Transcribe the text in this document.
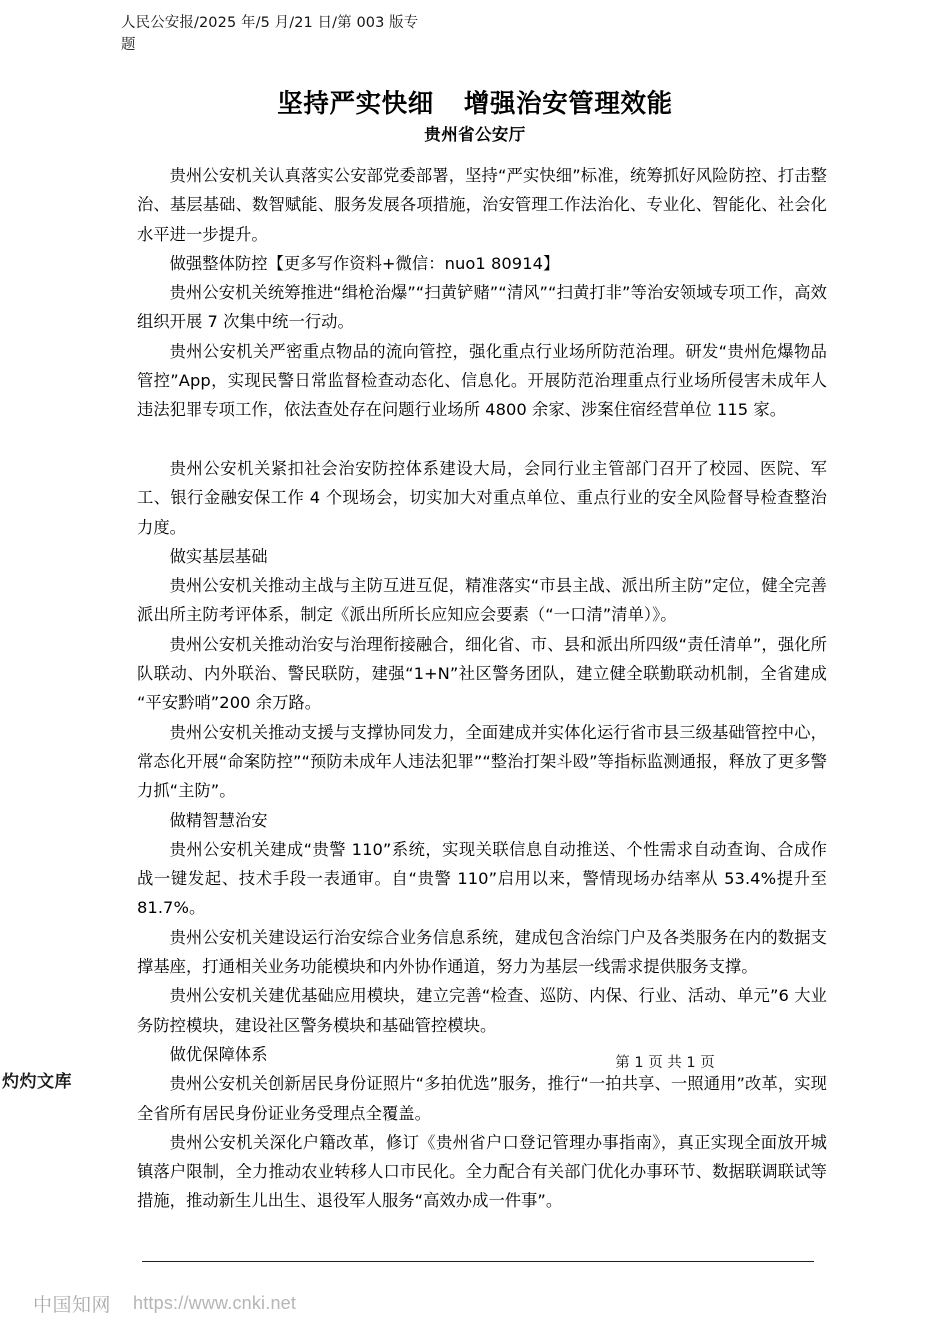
人民公安报/2025 年/5 月/21 日/第 003 版专题
坚持严实快细 增强治安管理效能
贵州省公安厅

贵州公安机关认真落实公安部党委部署，坚持“严实快细”标准，统筹抓好风险防控、打击整治、基层基础、数智赋能、服务发展各项措施，治安管理工作法治化、专业化、智能化、社会化水平进一步提升。

做强整体防控【更多写作资料+微信：nuo1 80914】

贵州公安机关统筹推进“缉枪治爆”“扫黄铲赌”“清风”“扫黄打非”等治安领域专项工作，高效组织开展 7 次集中统一行动。

贵州公安机关严密重点物品的流向管控，强化重点行业场所防范治理。研发“贵州危爆物品管控”App，实现民警日常监督检查动态化、信息化。开展防范治理重点行业场所侵害未成年人违法犯罪专项工作，依法查处存在问题行业场所 4800 余家、涉案住宿经营单位 115 家。

贵州公安机关紧扣社会治安防控体系建设大局，会同行业主管部门召开了校园、医院、军工、银行金融安保工作 4 个现场会，切实加大对重点单位、重点行业的安全风险督导检查整治力度。

做实基层基础

贵州公安机关推动主战与主防互进互促，精准落实“市县主战、派出所主防”定位，健全完善派出所主防考评体系，制定《派出所所长应知应会要素（“一口清”清单）》。

贵州公安机关推动治安与治理衔接融合，细化省、市、县和派出所四级“责任清单”，强化所队联动、内外联治、警民联防，建强“1+N”社区警务团队，建立健全联勤联动机制，全省建成“平安黔哨”200 余万路。

贵州公安机关推动支援与支撑协同发力，全面建成并实体化运行省市县三级基础管控中心，常态化开展“命案防控”“预防未成年人违法犯罪”“整治打架斗殴”等指标监测通报，释放了更多警力抓“主防”。

做精智慧治安

贵州公安机关建成“贵警 110”系统，实现关联信息自动推送、个性需求自动查询、合成作战一键发起、技术手段一表通审。自“贵警 110”启用以来，警情现场办结率从 53.4%提升至 81.7%。

贵州公安机关建设运行治安综合业务信息系统，建成包含治综门户及各类服务在内的数据支撑基座，打通相关业务功能模块和内外协作通道，努力为基层一线需求提供服务支撑。

贵州公安机关建优基础应用模块，建立完善“检查、巡防、内保、行业、活动、单元”6 大业务防控模块，建设社区警务模块和基础管控模块。

做优保障体系

贵州公安机关创新居民身份证照片“多拍优选”服务，推行“一拍共享、一照通用”改革，实现全省所有居民身份证业务受理点全覆盖。

贵州公安机关深化户籍改革，修订《贵州省户口登记管理办事指南》，真正实现全面放开城镇落户限制，全力推动农业转移人口市民化。全力配合有关部门优化办事环节、数据联调联试等措施，推动新生儿出生、退役军人服务“高效办成一件事”。

第 1 页 共 1 页
灼灼文库
中国知网 https://www.cnki.net
